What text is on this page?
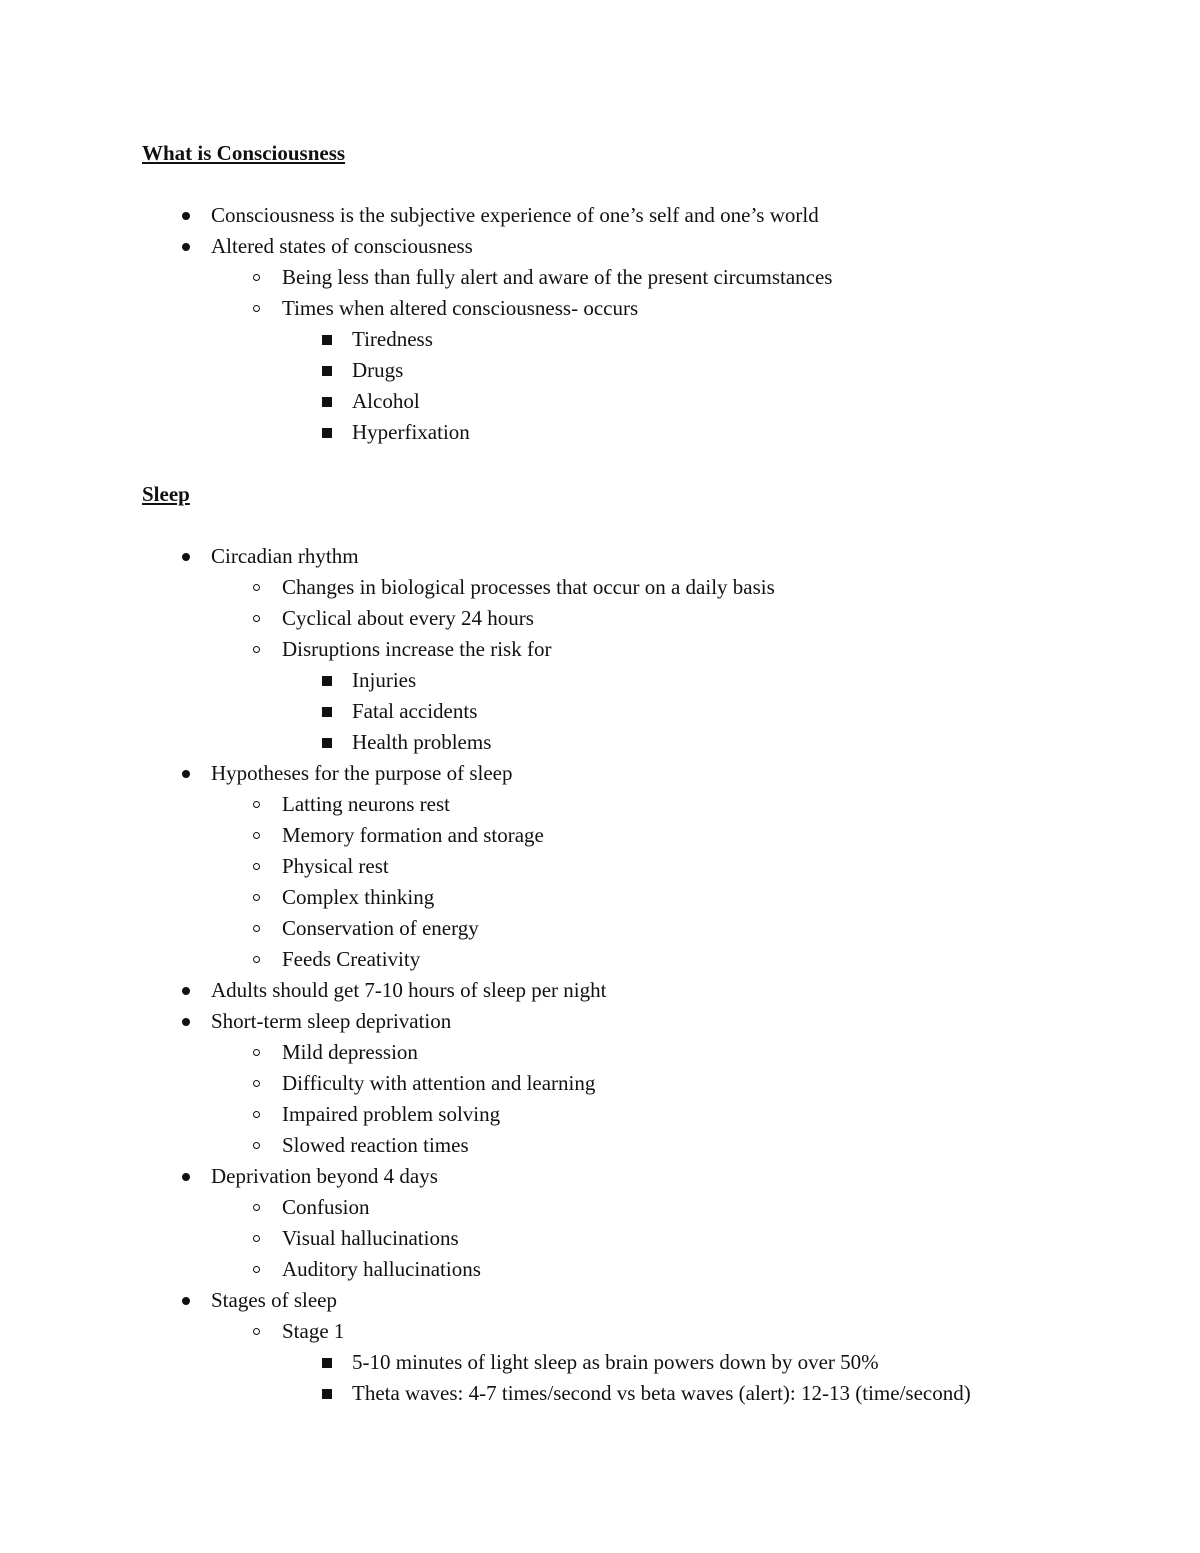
What is Consciousness
Consciousness is the subjective experience of one’s self and one’s world
Altered states of consciousness
Being less than fully alert and aware of the present circumstances
Times when altered consciousness- occurs
Tiredness
Drugs
Alcohol
Hyperfixation
Sleep
Circadian rhythm
Changes in biological processes that occur on a daily basis
Cyclical about every 24 hours
Disruptions increase the risk for
Injuries
Fatal accidents
Health problems
Hypotheses for the purpose of sleep
Latting neurons rest
Memory formation and storage
Physical rest
Complex thinking
Conservation of energy
Feeds Creativity
Adults should get 7-10 hours of sleep per night
Short-term sleep deprivation
Mild depression
Difficulty with attention and learning
Impaired problem solving
Slowed reaction times
Deprivation beyond 4 days
Confusion
Visual hallucinations
Auditory hallucinations
Stages of sleep
Stage 1
5-10 minutes of light sleep as brain powers down by over 50%
Theta waves: 4-7 times/second vs beta waves (alert): 12-13 (time/second)
